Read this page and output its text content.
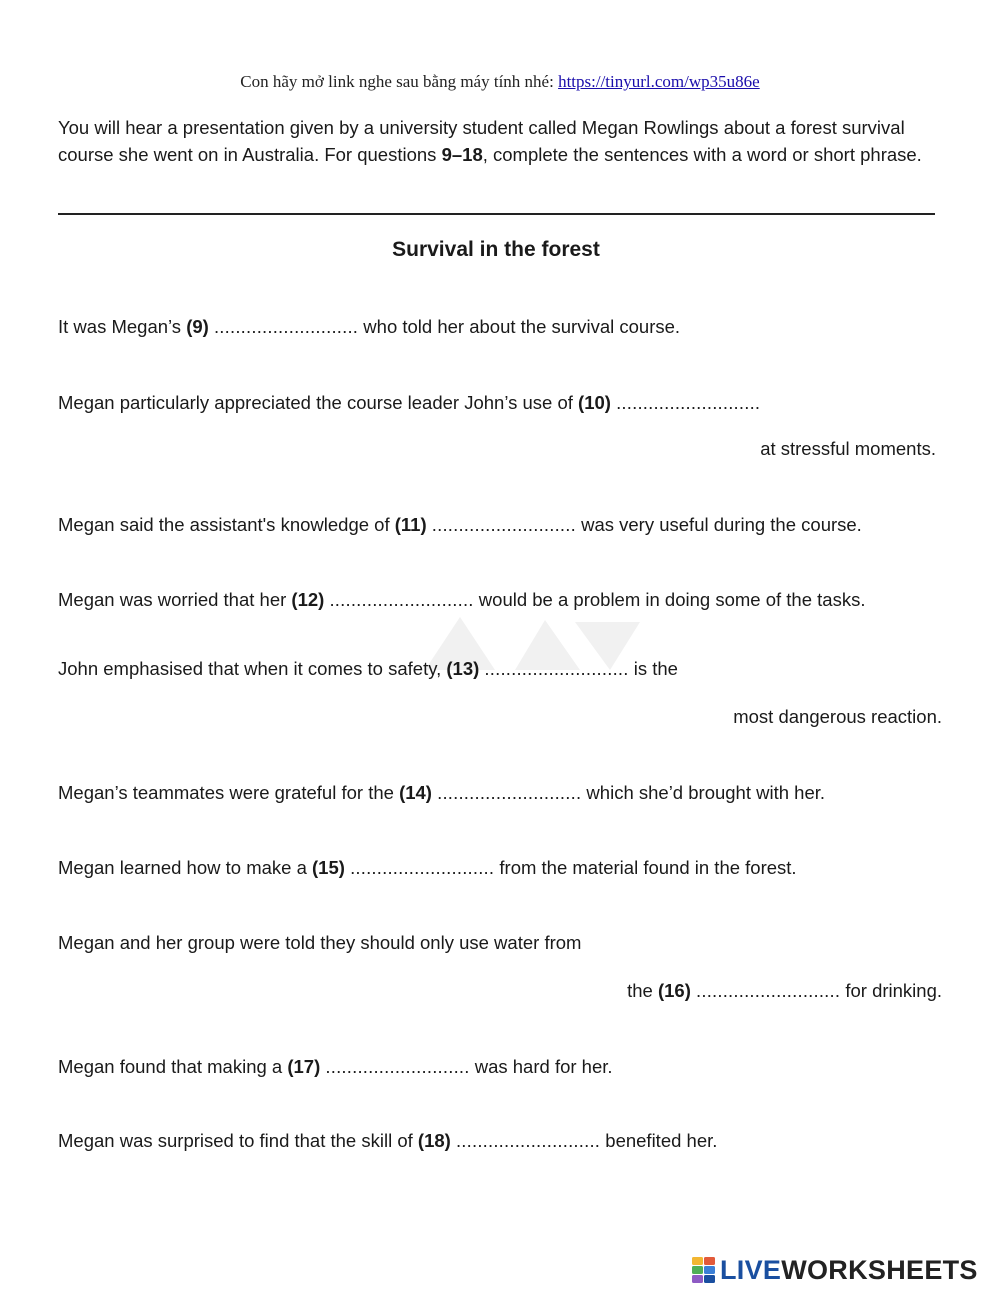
Con hãy mở link nghe sau bằng máy tính nhé: https://tinyurl.com/wp35u86e
You will hear a presentation given by a university student called Megan Rowlings about a forest survival course she went on in Australia. For questions 9–18, complete the sentences with a word or short phrase.
Survival in the forest
It was Megan’s (9) ........................... who told her about the survival course.
Megan particularly appreciated the course leader John’s use of (10) ...........................
at stressful moments.
Megan said the assistant's knowledge of (11) ........................... was very useful during the course.
Megan was worried that her (12) ........................... would be a problem in doing some of the tasks.
John emphasised that when it comes to safety, (13) ........................... is the
most dangerous reaction.
Megan’s teammates were grateful for the (14) ........................... which she’d brought with her.
Megan learned how to make a (15) ........................... from the material found in the forest.
Megan and her group were told they should only use water from
the (16) ........................... for drinking.
Megan found that making a (17) ........................... was hard for her.
Megan was surprised to find that the skill of (18) ........................... benefited her.
LIVEWORKSHEETS
